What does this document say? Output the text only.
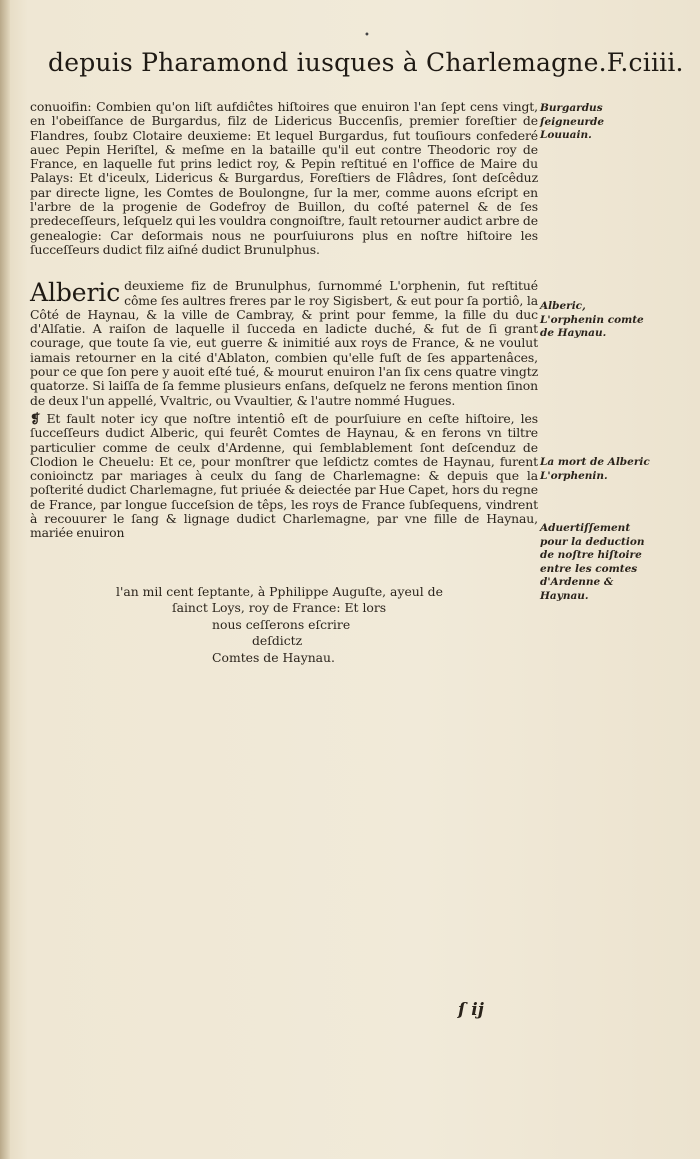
•
depuis Pharamond iusques à Charlemagne.F.ciiii.

conuoifin: Combien qu'on liſt aufdiĉtes hiſtoires que enuiron l'an ſept cens vingt, en l'obeiſſance de Burgardus, filz de Lidericus Buccenſis, premier foreſtier de Flandres, ſoubz Clotaire deuxieme: Et lequel Burgardus, fut touſiours confederé auec Pepin Heriſtel, & meſme en la bataille qu'il eut contre Theodoric roy de France, en laquelle fut prins ledict roy, & Pepin reſtitué en l'office de Maire du Palays: Et d'iceulx, Lidericus & Burgardus, Foreſtiers de Flâdres, ſont deſcêduz par directe ligne, les Comtes de Boulongne, ſur la mer, comme auons eſcript en l'arbre de la progenie de Godefroy de Buillon, du coſté paternel & de ſes predeceſſeurs, leſquelz qui les vouldra congnoiſtre, fault retourner audict arbre de genealogie: Car deſormais nous ne pourſuiurons plus en noſtre hiſtoire les ſucceſſeurs dudict filz aiſné dudict Brunulphus.

Alberic deuxieme fiz de Brunulphus, ſurnommé L'orphenin, fut reſtitué côme ſes aultres freres par le roy Sigisbert, & eut pour ſa portiô, la Côté de Haynau, & la ville de Cambray, & print pour femme, la fille du duc d'Alſatie. A raiſon de laquelle il ſucceda en ladicte duché, & fut de ſi grant courage, que toute ſa vie, eut guerre & inimitié aux roys de France, & ne voulut iamais retourner en la cité d'Ablaton, combien qu'elle fuſt de ſes appartenâces, pour ce que ſon pere y auoit eſté tué, & mourut enuiron l'an ſix cens quatre vingtz quatorze. Si laiſſa de ſa femme plusieurs enſans, deſquelz ne ferons mention ſinon de deux l'un appellé, Vvaltric, ou Vvaultier, & l'autre nommé Hugues.

❡ Et fault noter icy que noſtre intentiô eſt de pourſuiure en ceſte hiſtoire, les ſucceſſeurs dudict Alberic, qui feurêt Comtes de Haynau, & en ferons vn tiltre particulier comme de ceulx d'Ardenne, qui ſemblablement ſont deſcenduz de Clodion le Cheuelu: Et ce, pour monſtrer que leſdictz comtes de Haynau, furent conioinctz par mariages à ceulx du ſang de Charlemagne: & depuis que la poſterité dudict Charlemagne, fut priuée & deiectée par Hue Capet, hors du regne de France, par longue ſucceſsion de têps, les roys de France ſubſequens, vindrent à recouurer le ſang & lignage dudict Charlemagne, par vne fille de Haynau, mariée enuiron

l'an mil cent ſeptante, à Pphilippe Auguſte, ayeul de
ſainct Loys, roy de France: Et lors
nous ceſſerons eſcrire
deſdictz
Comtes de Haynau.
Burgardus ſeigneurde Louuain.
Alberic, L'orphenin comte de Haynau.
La mort de Alberic L'orphenin.
Aduertiſſement pour la deduction de noſtre hiſtoire entre les comtes d'Ardenne & Haynau.
ſ ij
